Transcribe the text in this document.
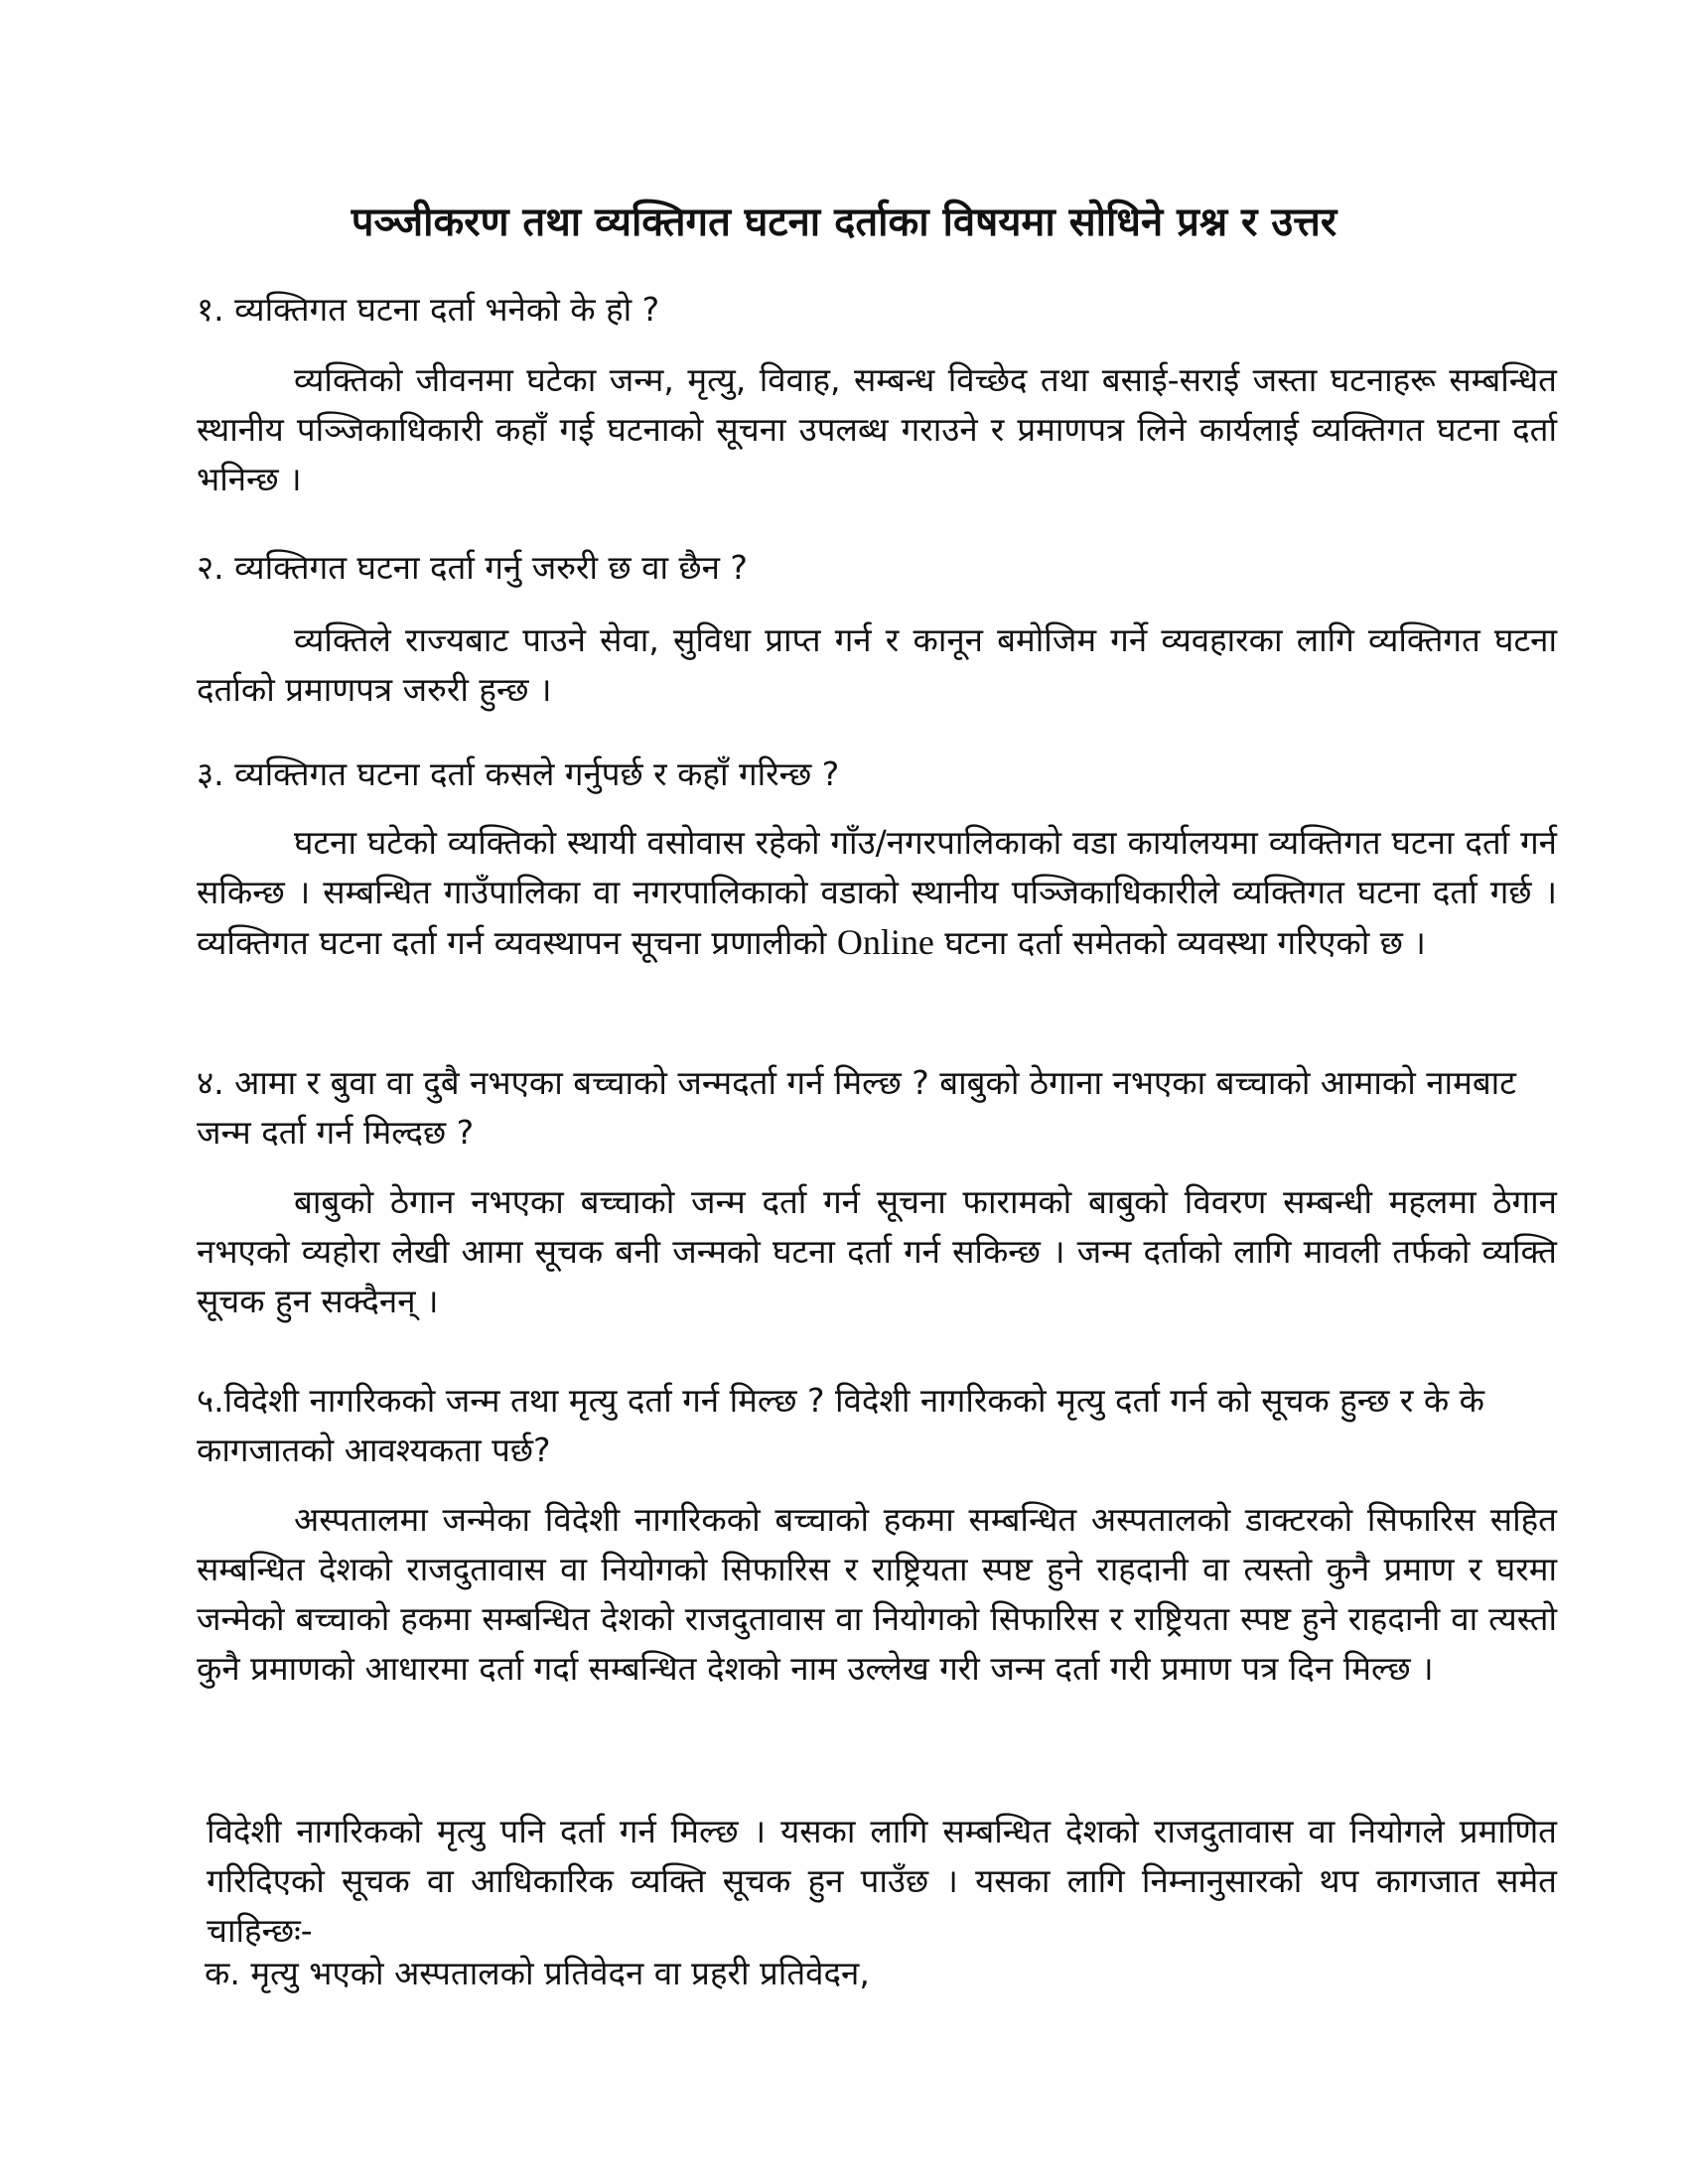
पञ्जीकरण तथा व्यक्तिगत घटना दर्ताका विषयमा सोधिने प्रश्न र उत्तर
१. व्यक्तिगत घटना दर्ता भनेको के हो ?
व्यक्तिको जीवनमा घटेका जन्म, मृत्यु, विवाह, सम्बन्ध विच्छेद तथा बसाई-सराई जस्ता घटनाहरू सम्बन्धित स्थानीय पञ्जिकाधिकारी कहाँ गई घटनाको सूचना उपलब्ध गराउने र प्रमाणपत्र लिने कार्यलाई व्यक्तिगत घटना दर्ता भनिन्छ ।
२. व्यक्तिगत घटना दर्ता गर्नु जरुरी छ वा छैन ?
व्यक्तिले राज्यबाट पाउने सेवा, सुविधा प्राप्त गर्न र कानून बमोजिम गर्ने व्यवहारका लागि व्यक्तिगत घटना दर्ताको प्रमाणपत्र जरुरी हुन्छ ।
३. व्यक्तिगत घटना दर्ता कसले गर्नुपर्छ र कहाँ गरिन्छ ?
घटना घटेको व्यक्तिको स्थायी वसोवास रहेको गाँउ/नगरपालिकाको वडा कार्यालयमा व्यक्तिगत घटना दर्ता गर्न सकिन्छ । सम्बन्धित गाउँपालिका वा नगरपालिकाको वडाको स्थानीय पञ्जिकाधिकारीले व्यक्तिगत घटना दर्ता गर्छ । व्यक्तिगत घटना दर्ता गर्न व्यवस्थापन सूचना प्रणालीको Online घटना दर्ता समेतको व्यवस्था गरिएको छ ।
४. आमा र बुवा वा दुबै नभएका बच्चाको जन्मदर्ता गर्न मिल्छ ? बाबुको ठेगाना नभएका बच्चाको आमाको नामबाट जन्म दर्ता गर्न मिल्दछ ?
बाबुको ठेगान नभएका बच्चाको जन्म दर्ता गर्न सूचना फारामको बाबुको विवरण सम्बन्धी महलमा ठेगान नभएको व्यहोरा लेखी आमा सूचक बनी जन्मको घटना दर्ता गर्न सकिन्छ । जन्म दर्ताको लागि मावली तर्फको व्यक्ति सूचक हुन सक्दैनन् ।
५.विदेशी नागरिकको जन्म तथा मृत्यु दर्ता गर्न मिल्छ ? विदेशी नागरिकको मृत्यु दर्ता गर्न को सूचक हुन्छ र के के कागजातको आवश्यकता पर्छ?
अस्पतालमा जन्मेका विदेशी नागरिकको बच्चाको हकमा सम्बन्धित अस्पतालको डाक्टरको सिफारिस सहित सम्बन्धित देशको राजदुतावास वा नियोगको सिफारिस र राष्ट्रियता स्पष्ट हुने राहदानी वा त्यस्तो कुनै प्रमाण र घरमा जन्मेको बच्चाको हकमा सम्बन्धित देशको राजदुतावास वा नियोगको सिफारिस र राष्ट्रियता स्पष्ट हुने राहदानी वा त्यस्तो कुनै प्रमाणको आधारमा दर्ता गर्दा सम्बन्धित देशको नाम उल्लेख गरी जन्म दर्ता गरी प्रमाण पत्र दिन मिल्छ ।
विदेशी नागरिकको मृत्यु पनि दर्ता गर्न मिल्छ । यसका लागि सम्बन्धित देशको राजदुतावास वा नियोगले प्रमाणित गरिदिएको सूचक वा आधिकारिक व्यक्ति सूचक हुन पाउँछ । यसका लागि निम्नानुसारको थप कागजात समेत चाहिन्छः-
क. मृत्यु भएको अस्पतालको प्रतिवेदन वा प्रहरी प्रतिवेदन,
